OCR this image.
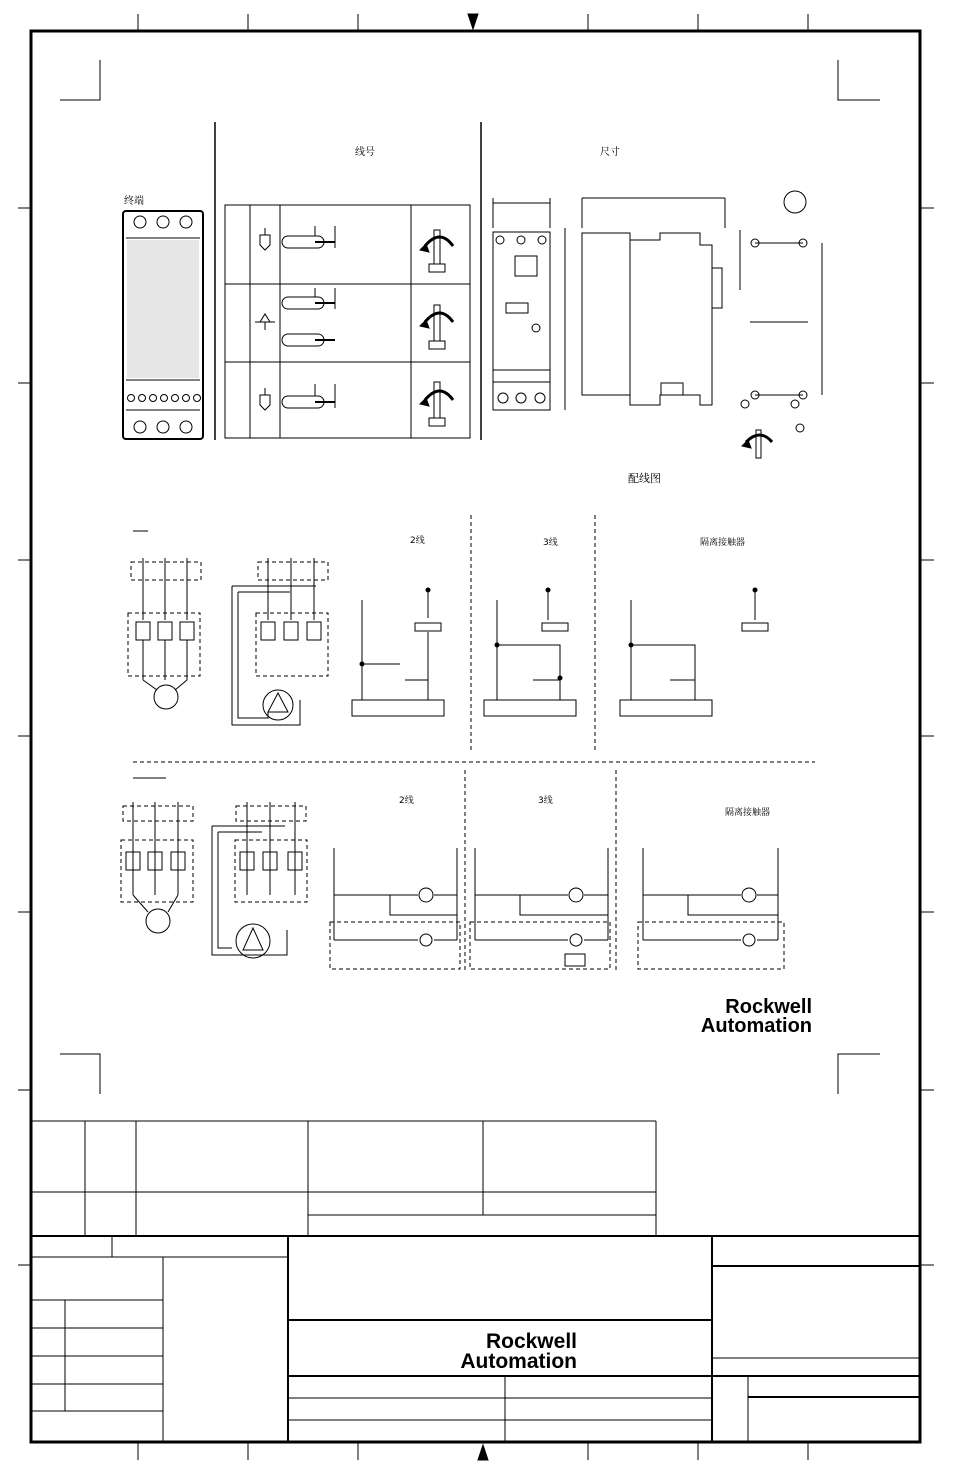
终端
线号	尺寸
配线图
2线	3线	隔离接触器
2线	3线
隔离接触器
Rockwell
Automation
Rockwell
Automation
